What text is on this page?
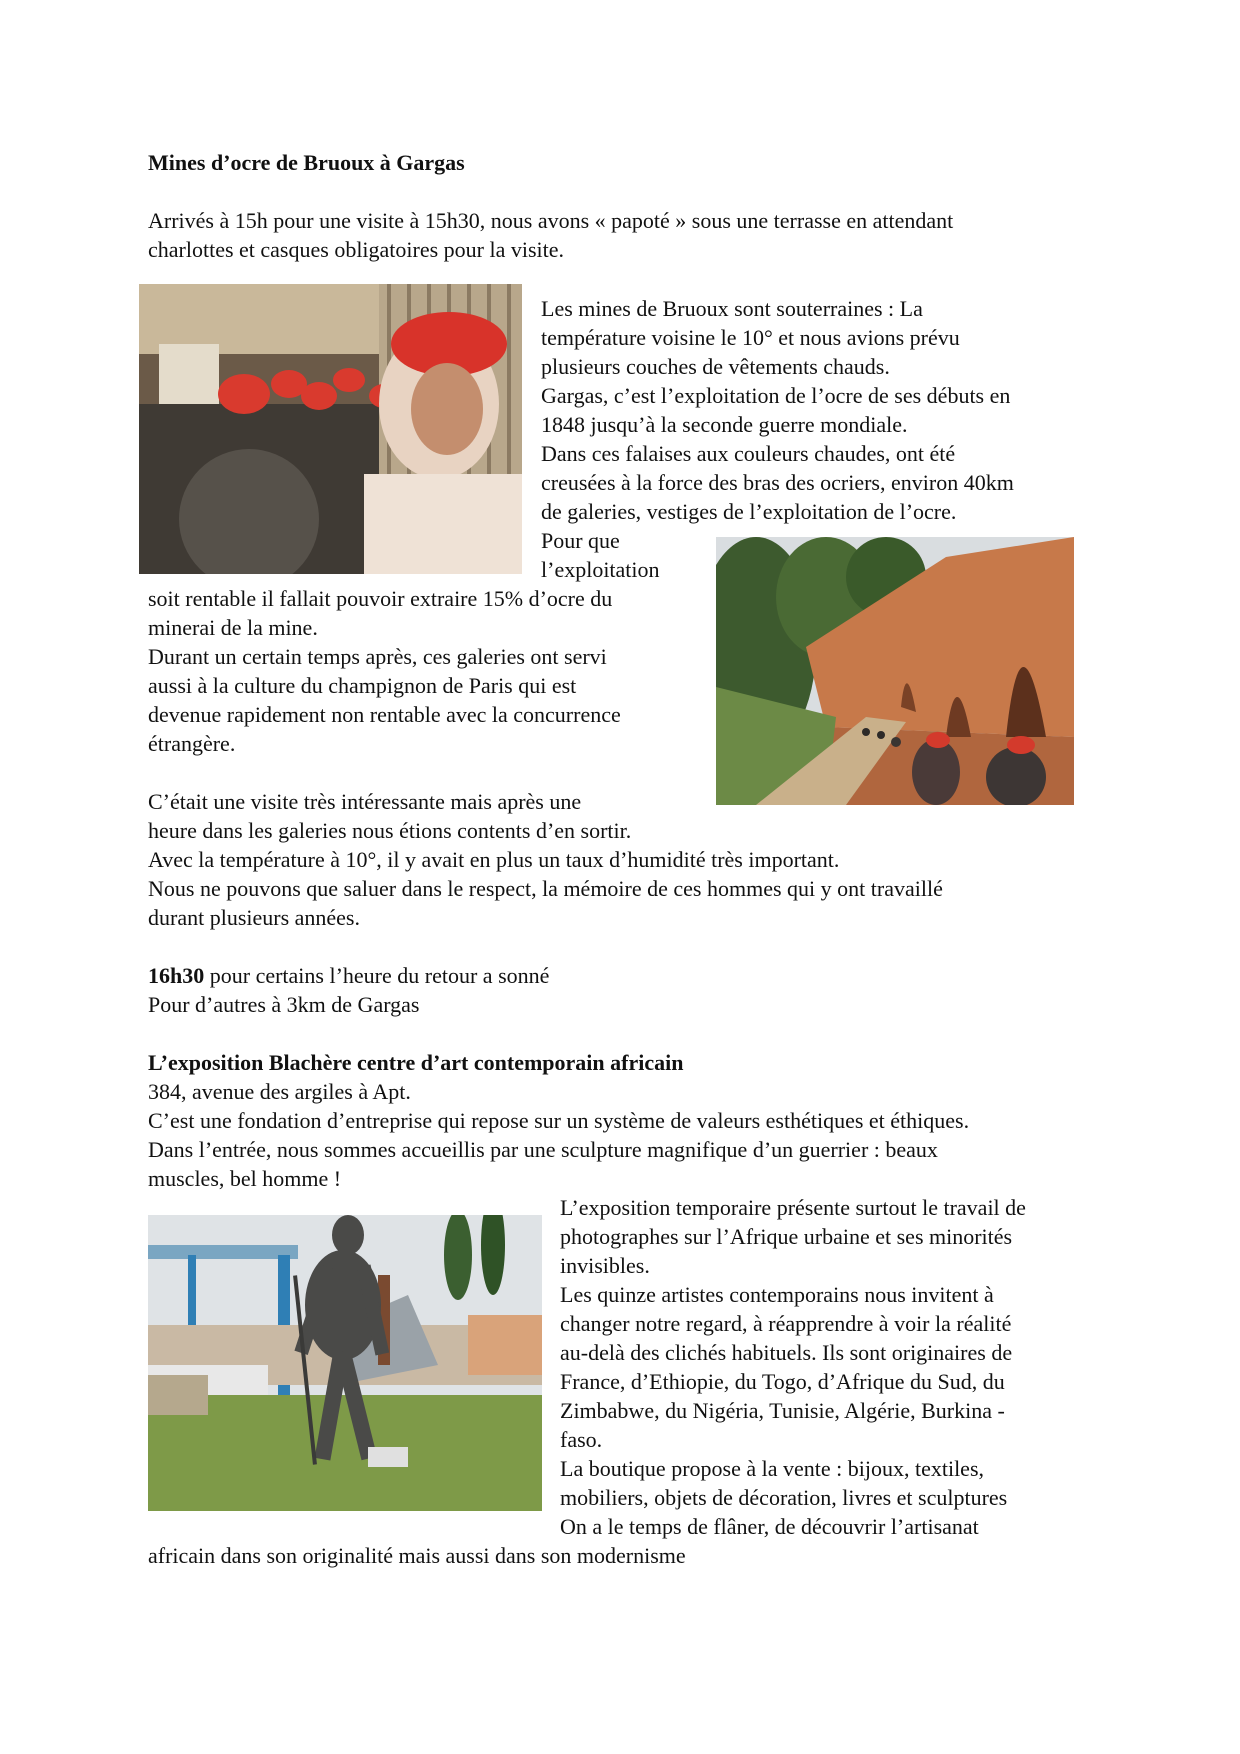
Mines d’ocre de Bruoux à Gargas

Arrivés à 15h pour une visite à 15h30, nous avons « papoté » sous une terrasse en attendant

charlottes et casques obligatoires pour la visite.

Les mines de Bruoux sont souterraines : La

température voisine le 10° et nous avions prévu

plusieurs couches de vêtements chauds.

Gargas, c’est l’exploitation de l’ocre de ses débuts en

1848 jusqu’à la seconde guerre mondiale.

Dans ces falaises aux couleurs chaudes, ont été

creusées à la force des bras des ocriers, environ 40km

de galeries, vestiges de l’exploitation de l’ocre.

Pour que

l’exploitation

soit rentable il fallait pouvoir extraire 15% d’ocre du

minerai de la mine.

Durant un certain temps après, ces galeries ont servi

aussi à la culture du champignon de Paris qui est

devenue rapidement non rentable avec la concurrence

étrangère.

C’était une visite très intéressante mais après une

heure dans les galeries nous étions contents d’en sortir.

Avec la température à 10°, il y avait en plus un taux d’humidité très important.

Nous ne pouvons que saluer dans le respect, la mémoire de ces hommes qui y ont travaillé

durant plusieurs années.

16h30 pour certains l’heure du retour a sonné

Pour d’autres à 3km de Gargas

L’exposition Blachère centre d’art contemporain africain

384, avenue des argiles à Apt.

C’est une fondation d’entreprise qui repose sur un système de valeurs esthétiques et éthiques.

Dans l’entrée, nous sommes accueillis par une sculpture magnifique d’un guerrier : beaux

muscles, bel homme !

L’exposition temporaire présente surtout le travail de

photographes sur l’Afrique urbaine et ses minorités

invisibles.

Les quinze artistes contemporains nous invitent à

changer notre regard, à réapprendre à voir la réalité

au-delà des clichés habituels. Ils sont originaires de

France, d’Ethiopie, du Togo, d’Afrique du Sud, du

Zimbabwe, du Nigéria, Tunisie, Algérie, Burkina -

faso.

La boutique propose à la vente : bijoux, textiles,

mobiliers, objets de décoration, livres et sculptures

On a le temps de flâner, de découvrir l’artisanat

africain dans son originalité mais aussi dans son modernisme
